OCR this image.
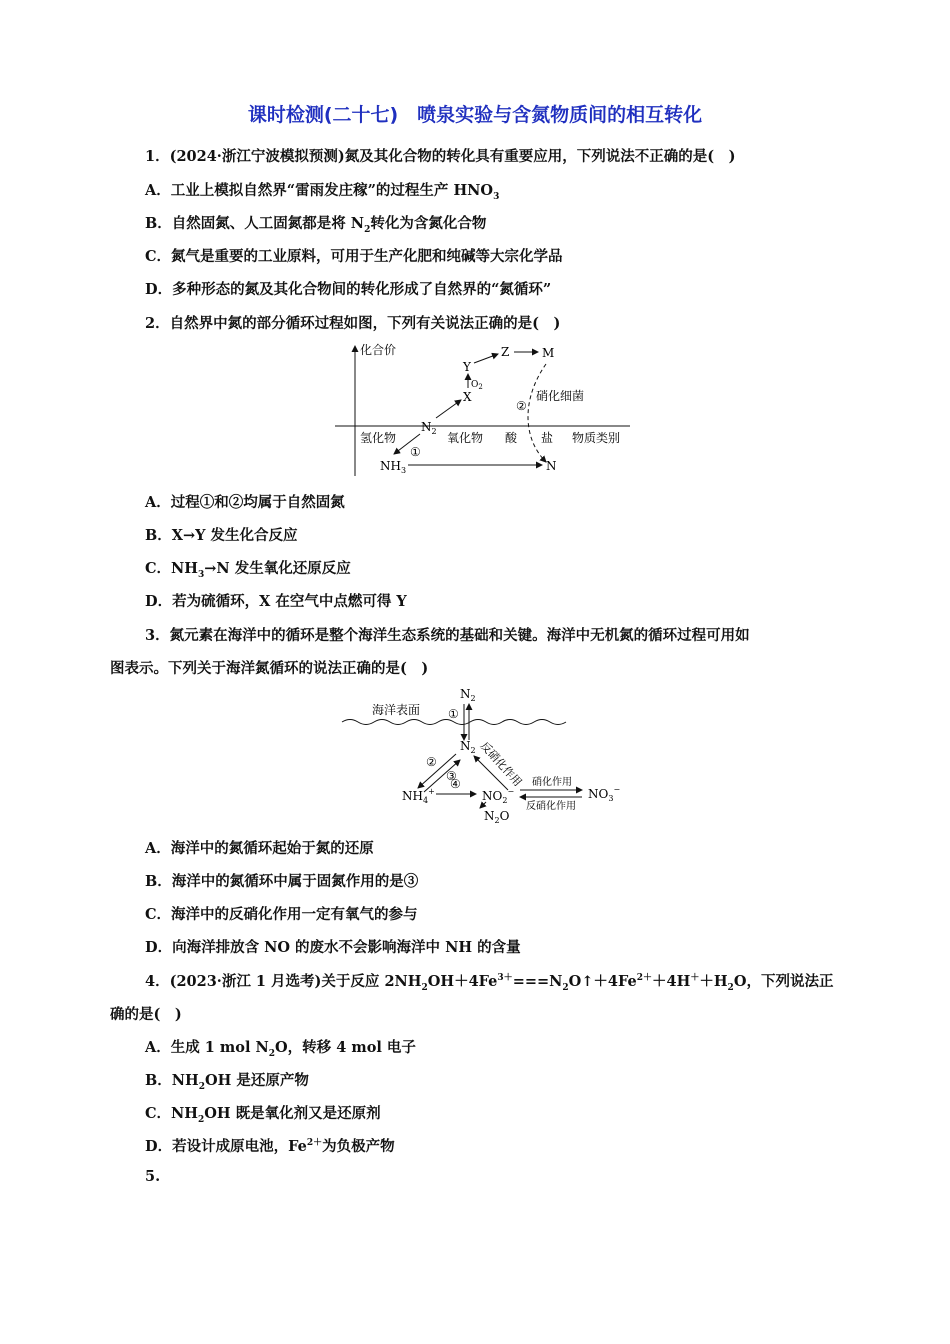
课时检测(二十七)　喷泉实验与含氮物质间的相互转化
1．(2024·浙江宁波模拟预测)氮及其化合物的转化具有重要应用，下列说法不正确的是(　)
A．工业上模拟自然界“雷雨发庄稼”的过程生产 $HNO_3$
B．自然固氮、人工固氮都是将 $N_2$转化为含氮化合物
C．氮气是重要的工业原料，可用于生产化肥和纯碱等大宗化学品
D．多种形态的氮及其化合物间的转化形成了自然界的“氮循环”
2．自然界中氮的部分循环过程如图，下列有关说法正确的是(　)
化合价
氢化物	氧化物 酸 盐 物质类别
$N_2$
X
$O_2$
Y
Z	M
②
硝化细菌
$NH_3$
①
N
A．过程①和②均属于自然固氮
B．X→Y 发生化合反应
C．$NH_3\to N$ 发生氧化还原反应
D．若为硫循环，X 在空气中点燃可得 Y
3．氮元素在海洋中的循环是整个海洋生态系统的基础和关键。海洋中无机氮的循环过程可用如
图表示。下列关于海洋氮循环的说法正确的是(　)
$N_2$
海洋表面 ①
$N_2$
②
③ 反硝化作用
$NH_4^+$
④
$NO_2^-$
$N_2O$
硝化作用
反硝化作用
$NO_3^-$
A．海洋中的氮循环起始于氮的还原
B．海洋中的氮循环中属于固氮作用的是③
C．海洋中的反硝化作用一定有氧气的参与
D．向海洋排放含 NO 的废水不会影响海洋中 NH 的含量
4．(2023·浙江 1 月选考)关于反应 $2NH_2OH+4Fe^{3+}===N_2O↑+4Fe^{2+}+4H^++H_2O$，下列说法正
确的是(　)
A．生成 1 mol $N_2O$，转移 4 mol 电子
B．$NH_2OH$ 是还原产物
C．$NH_2OH$ 既是氧化剂又是还原剂
D．若设计成原电池，$Fe^{2+}$为负极产物
5.
